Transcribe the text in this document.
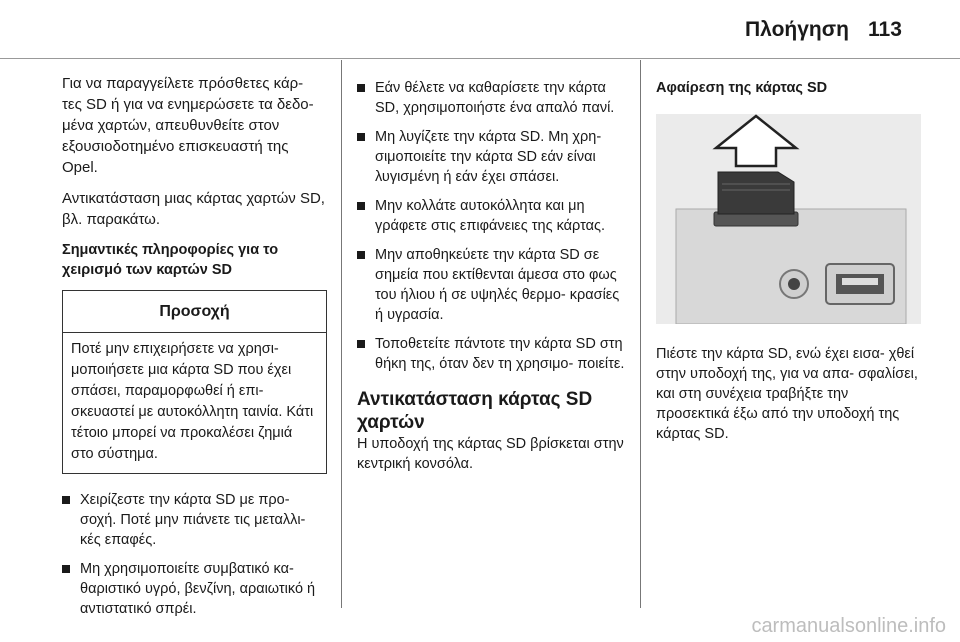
Πλοήγηση 113

Για να παραγγείλετε πρόσθετες κάρ- τες SD ή για να ενημερώσετε τα δεδο- μένα χαρτών, απευθυνθείτε στον εξουσιοδοτημένο επισκευαστή της Opel.

Αντικατάσταση μιας κάρτας χαρτών SD, βλ. παρακάτω.

Σημαντικές πληροφορίες για το χειρισμό των καρτών SD
Προσοχή
Ποτέ μην επιχειρήσετε να χρησι- μοποιήσετε μια κάρτα SD που έχει σπάσει, παραμορφωθεί ή επι- σκευαστεί με αυτοκόλλητη ταινία. Κάτι τέτοιο μπορεί να προκαλέσει ζημιά στο σύστημα.
Χειρίζεστε την κάρτα SD με προ- σοχή. Ποτέ μην πιάνετε τις μεταλλι- κές επαφές.
Μη χρησιμοποιείτε συμβατικό κα- θαριστικό υγρό, βενζίνη, αραιωτικό ή αντιστατικό σπρέι.
Εάν θέλετε να καθαρίσετε την κάρτα SD, χρησιμοποιήστε ένα απαλό πανί.
Μη λυγίζετε την κάρτα SD. Μη χρη- σιμοποιείτε την κάρτα SD εάν είναι λυγισμένη ή εάν έχει σπάσει.
Μην κολλάτε αυτοκόλλητα και μη γράφετε στις επιφάνειες της κάρτας.
Μην αποθηκεύετε την κάρτα SD σε σημεία που εκτίθενται άμεσα στο φως του ήλιου ή σε υψηλές θερμο- κρασίες ή υγρασία.
Τοποθετείτε πάντοτε την κάρτα SD στη θήκη της, όταν δεν τη χρησιμο- ποιείτε.
Αντικατάσταση κάρτας SD χαρτών

Η υποδοχή της κάρτας SD βρίσκεται στην κεντρική κονσόλα.

Αφαίρεση της κάρτας SD

Πιέστε την κάρτα SD, ενώ έχει εισα- χθεί στην υποδοχή της, για να απα- σφαλίσει, και στη συνέχεια τραβήξτε την προσεκτικά έξω από την υποδοχή της κάρτας SD.

carmanualsonline.info
